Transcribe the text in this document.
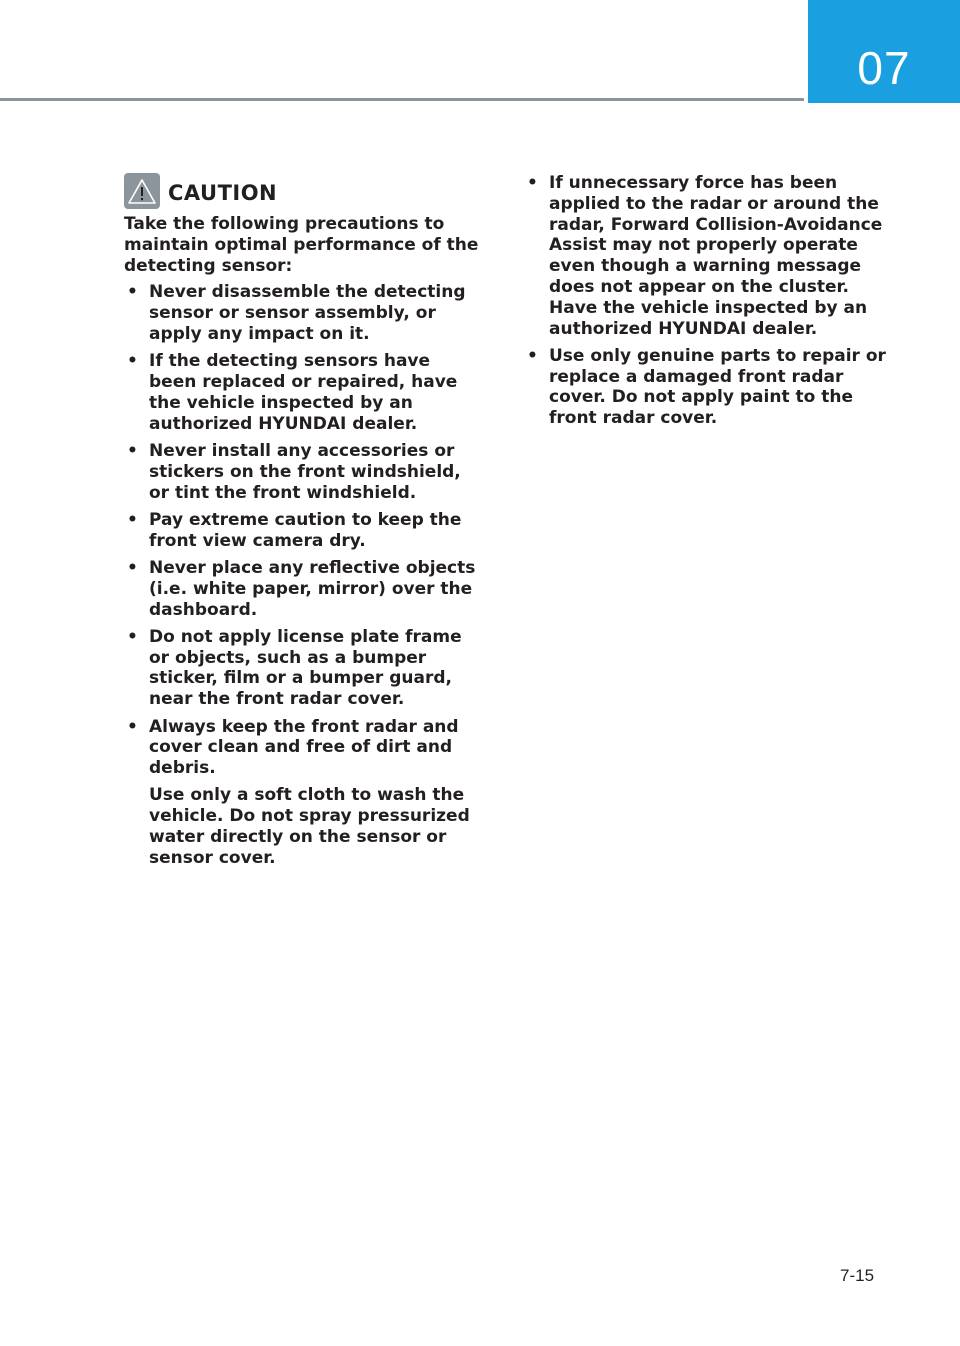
07
CAUTION

Take the following precautions to maintain optimal performance of the detecting sensor:

• Never disassemble the detecting sensor or sensor assembly, or apply any impact on it.
• If the detecting sensors have been replaced or repaired, have the vehicle inspected by an authorized HYUNDAI dealer.
• Never install any accessories or stickers on the front windshield, or tint the front windshield.
• Pay extreme caution to keep the front view camera dry.
• Never place any reflective objects (i.e. white paper, mirror) over the dashboard.
• Do not apply license plate frame or objects, such as a bumper sticker, film or a bumper guard, near the front radar cover.
• Always keep the front radar and cover clean and free of dirt and debris.
Use only a soft cloth to wash the vehicle. Do not spray pressurized water directly on the sensor or sensor cover.
• If unnecessary force has been applied to the radar or around the radar, Forward Collision-Avoidance Assist may not properly operate even though a warning message does not appear on the cluster. Have the vehicle inspected by an authorized HYUNDAI dealer.
• Use only genuine parts to repair or replace a damaged front radar cover. Do not apply paint to the front radar cover.
7-15
